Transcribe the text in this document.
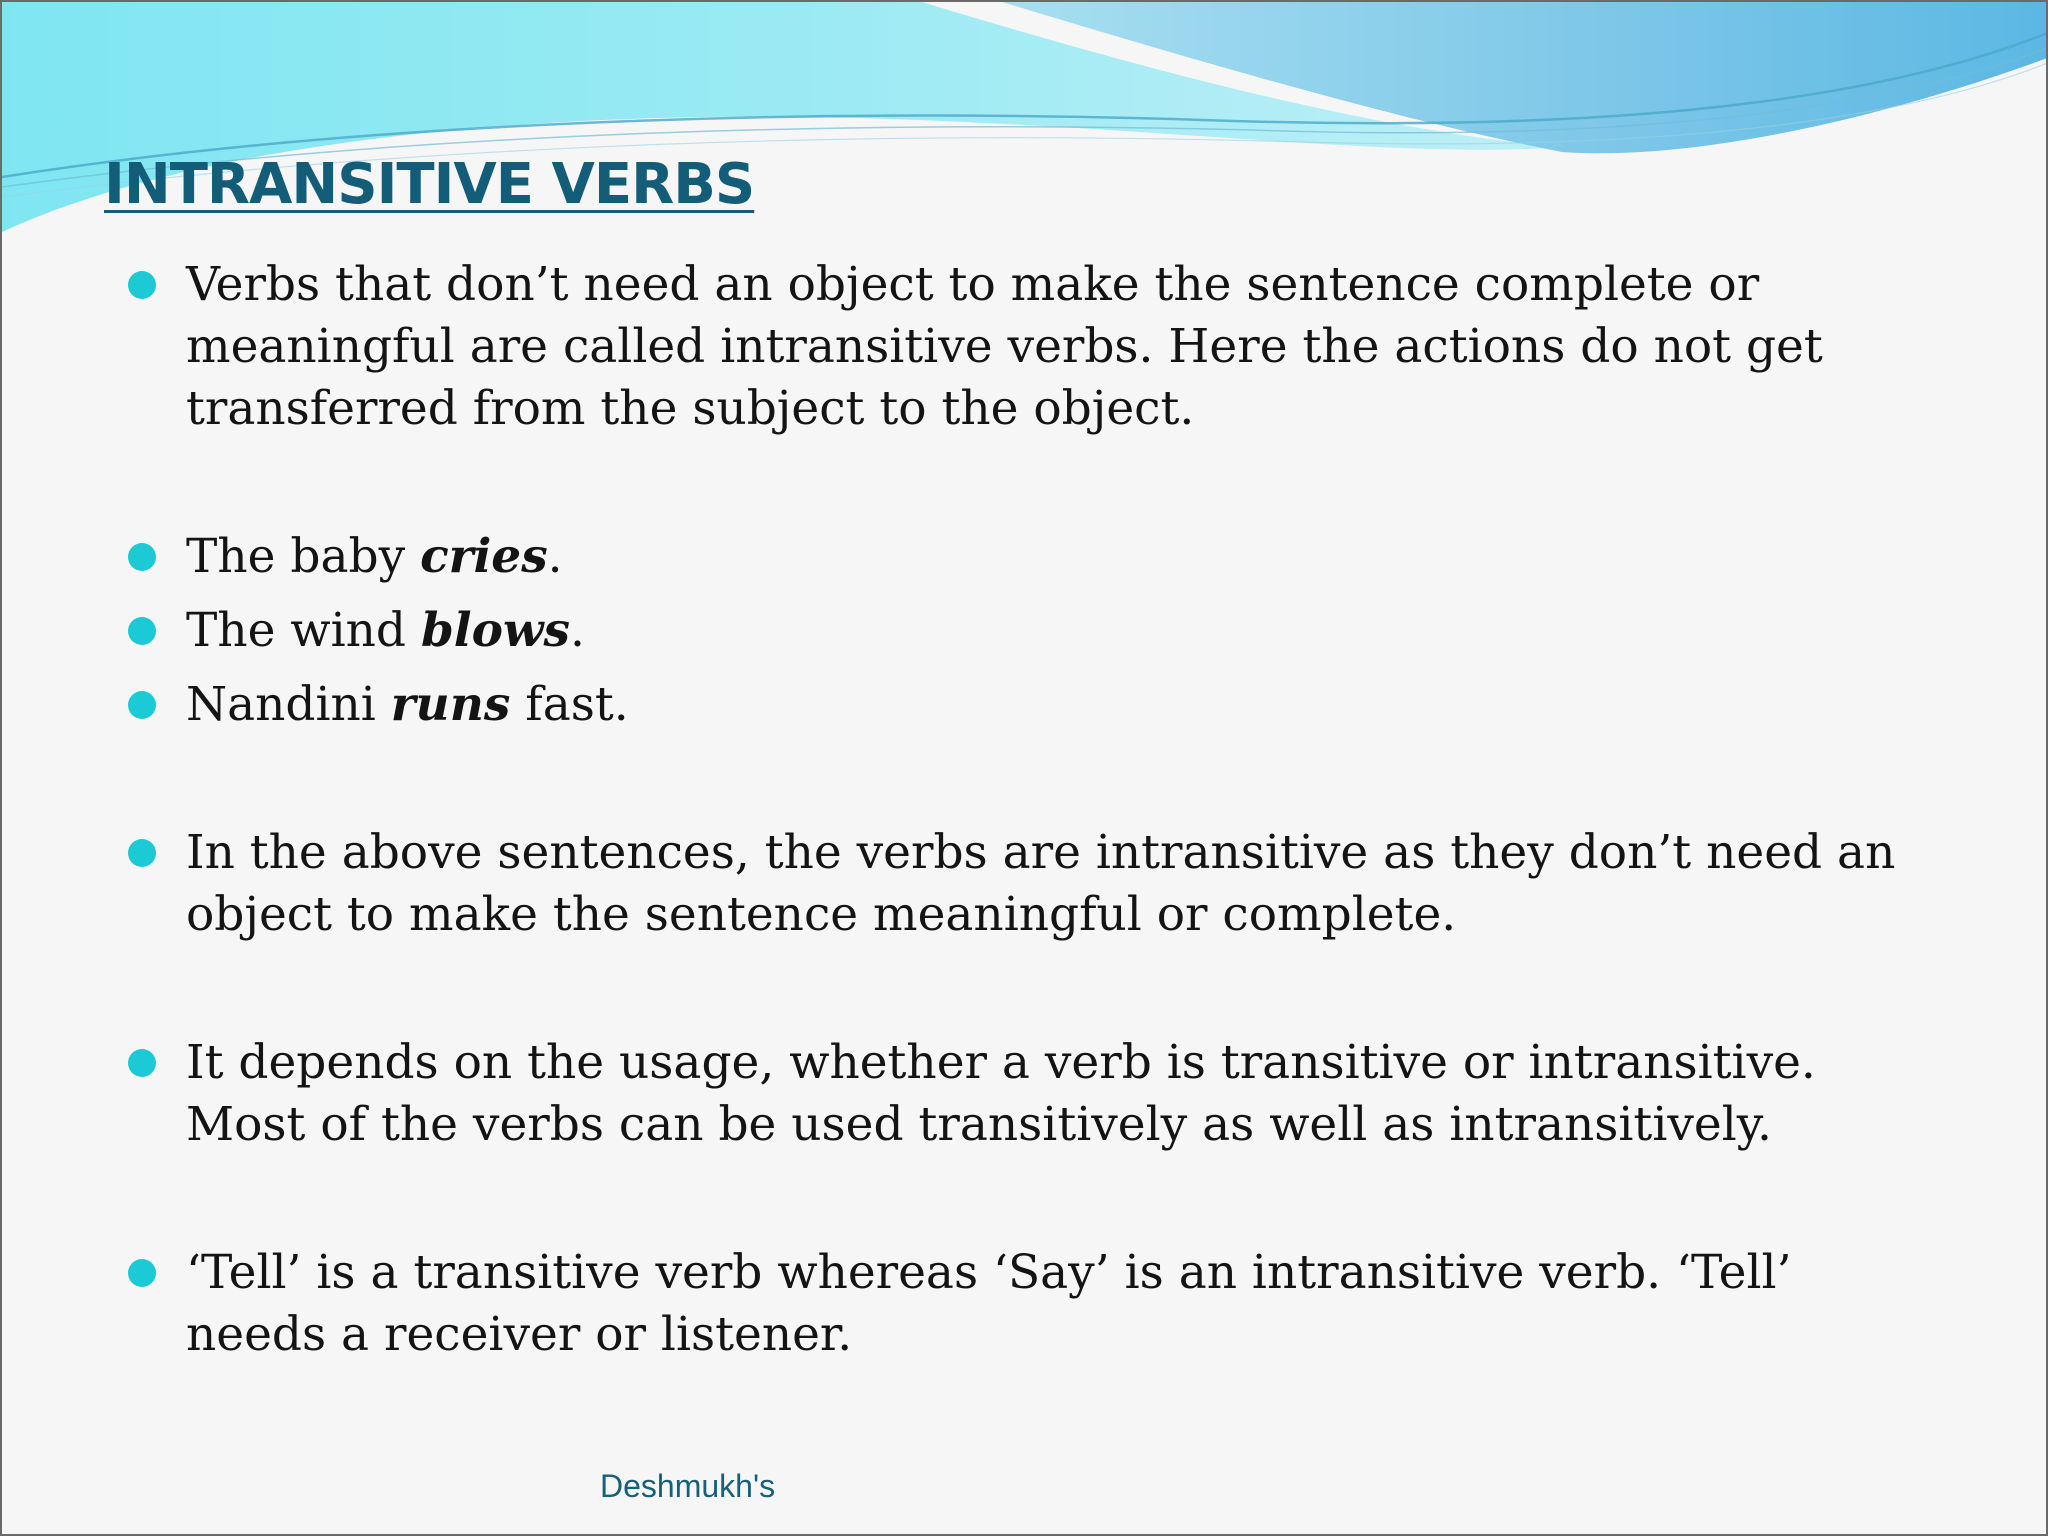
INTRANSITIVE VERBS
Verbs that don’t need an object to make the sentence complete or meaningful are called intransitive verbs. Here the actions do not get transferred from the subject to the object.
The baby cries.
The wind blows.
Nandini runs fast.
In the above sentences, the verbs are intransitive as they don’t need an object to make the sentence meaningful or complete.
It depends on the usage, whether a verb is transitive or intransitive. Most of the verbs can be used transitively as well as intransitively.
‘Tell’ is a transitive verb whereas ‘Say’ is an intransitive verb. ‘Tell’ needs a receiver or listener.
Deshmukh's
